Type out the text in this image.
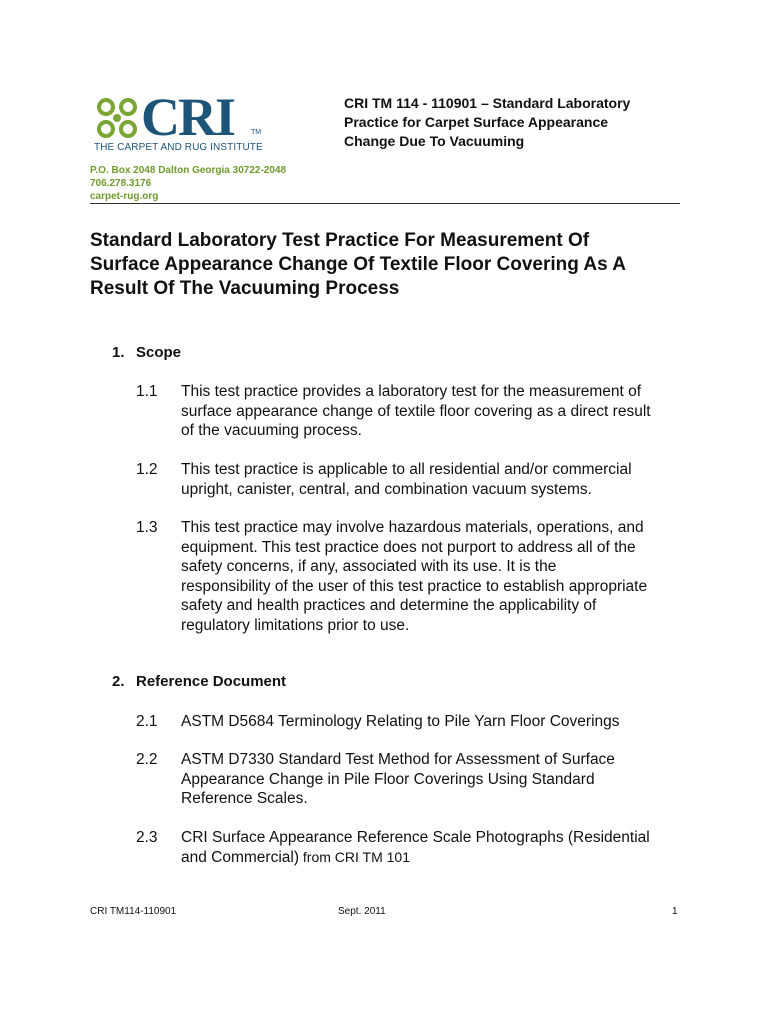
CRI TM
THE CARPET AND RUG INSTITUTE
CRI TM 114 - 110901 – Standard Laboratory
Practice for Carpet Surface Appearance
Change Due To Vacuuming
P.O. Box 2048 Dalton Georgia 30722-2048
706.278.3176
carpet-rug.org
Standard Laboratory Test Practice For Measurement Of
Surface Appearance Change Of Textile Floor Covering As A
Result Of The Vacuuming Process
1. Scope
1.1 This test practice provides a laboratory test for the measurement of
surface appearance change of textile floor covering as a direct result
of the vacuuming process.
1.2 This test practice is applicable to all residential and/or commercial
upright, canister, central, and combination vacuum systems.
1.3 This test practice may involve hazardous materials, operations, and
equipment. This test practice does not purport to address all of the
safety concerns, if any, associated with its use. It is the
responsibility of the user of this test practice to establish appropriate
safety and health practices and determine the applicability of
regulatory limitations prior to use.
2. Reference Document
2.1 ASTM D5684 Terminology Relating to Pile Yarn Floor Coverings
2.2 ASTM D7330 Standard Test Method for Assessment of Surface
Appearance Change in Pile Floor Coverings Using Standard
Reference Scales.
2.3 CRI Surface Appearance Reference Scale Photographs (Residential
and Commercial) from CRI TM 101
CRI TM114-110901	Sept. 2011	1
